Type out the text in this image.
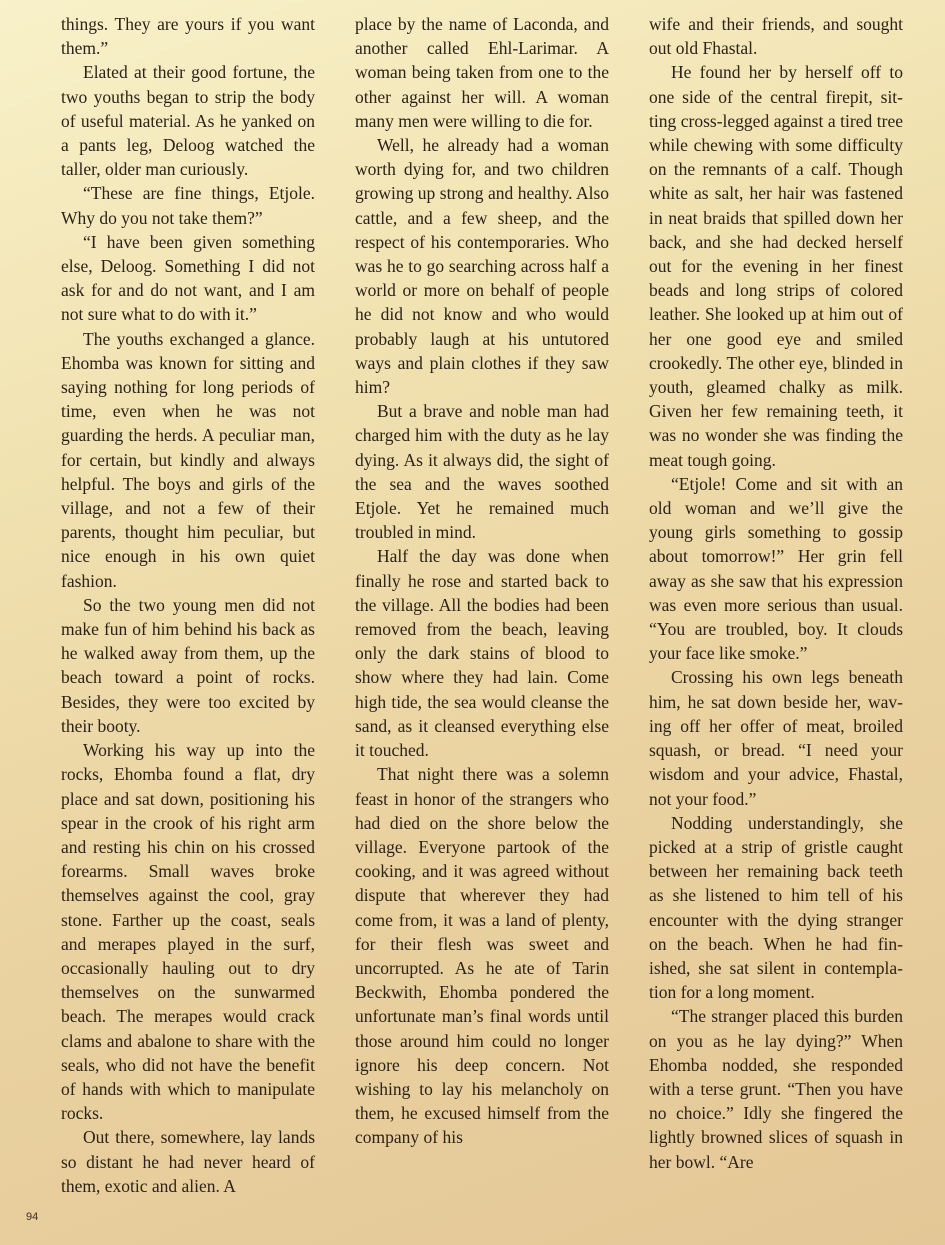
things. They are yours if you want them.”

Elated at their good fortune, the two youths began to strip the body of useful material. As he yanked on a pants leg, Deloog watched the taller, older man curiously.

“These are fine things, Etjole. Why do you not take them?”

“I have been given something else, Deloog. Something I did not ask for and do not want, and I am not sure what to do with it.”

The youths exchanged a glance. Ehomba was known for sitting and saying nothing for long periods of time, even when he was not guarding the herds. A peculiar man, for certain, but kindly and always helpful. The boys and girls of the village, and not a few of their parents, thought him peculiar, but nice enough in his own quiet fashion.

So the two young men did not make fun of him behind his back as he walked away from them, up the beach toward a point of rocks. Besides, they were too excited by their booty.

Working his way up into the rocks, Ehomba found a flat, dry place and sat down, positioning his spear in the crook of his right arm and resting his chin on his crossed forearms. Small waves broke themselves against the cool, gray stone. Farther up the coast, seals and merapes played in the surf, occasionally hauling out to dry themselves on the sunwarmed beach. The merapes would crack clams and abalone to share with the seals, who did not have the benefit of hands with which to manipulate rocks.

Out there, somewhere, lay lands so distant he had never heard of them, exotic and alien. A

place by the name of Laconda, and another called Ehl-Larimar. A woman being taken from one to the other against her will. A woman many men were willing to die for.

Well, he already had a woman worth dying for, and two children growing up strong and healthy. Also cattle, and a few sheep, and the respect of his contemporaries. Who was he to go searching across half a world or more on behalf of people he did not know and who would probably laugh at his untutored ways and plain clothes if they saw him?

But a brave and noble man had charged him with the duty as he lay dying. As it always did, the sight of the sea and the waves soothed Etjole. Yet he remained much troubled in mind.

Half the day was done when finally he rose and started back to the village. All the bodies had been removed from the beach, leaving only the dark stains of blood to show where they had lain. Come high tide, the sea would cleanse the sand, as it cleansed everything else it touched.

That night there was a solemn feast in honor of the strangers who had died on the shore below the village. Everyone partook of the cooking, and it was agreed without dispute that wherever they had come from, it was a land of plenty, for their flesh was sweet and uncorrupted. As he ate of Tarin Beckwith, Ehomba pondered the unfortunate man’s final words until those around him could no longer ignore his deep concern. Not wishing to lay his melancholy on them, he excused himself from the company of his

wife and their friends, and sought out old Fhastal.

He found her by herself off to one side of the central firepit, sitting cross-legged against a tired tree while chewing with some difficulty on the remnants of a calf. Though white as salt, her hair was fastened in neat braids that spilled down her back, and she had decked herself out for the evening in her finest beads and long strips of colored leather. She looked up at him out of her one good eye and smiled crookedly. The other eye, blinded in youth, gleamed chalky as milk. Given her few remaining teeth, it was no wonder she was finding the meat tough going.

“Etjole! Come and sit with an old woman and we’ll give the young girls something to gossip about tomorrow!” Her grin fell away as she saw that his expression was even more serious than usual. “You are troubled, boy. It clouds your face like smoke.”

Crossing his own legs beneath him, he sat down beside her, waving off her offer of meat, broiled squash, or bread. “I need your wisdom and your advice, Fhastal, not your food.”

Nodding understandingly, she picked at a strip of gristle caught between her remaining back teeth as she listened to him tell of his encounter with the dying stranger on the beach. When he had finished, she sat silent in contemplation for a long moment.

“The stranger placed this burden on you as he lay dying?” When Ehomba nodded, she responded with a terse grunt. “Then you have no choice.” Idly she fingered the lightly browned slices of squash in her bowl. “Are

94
